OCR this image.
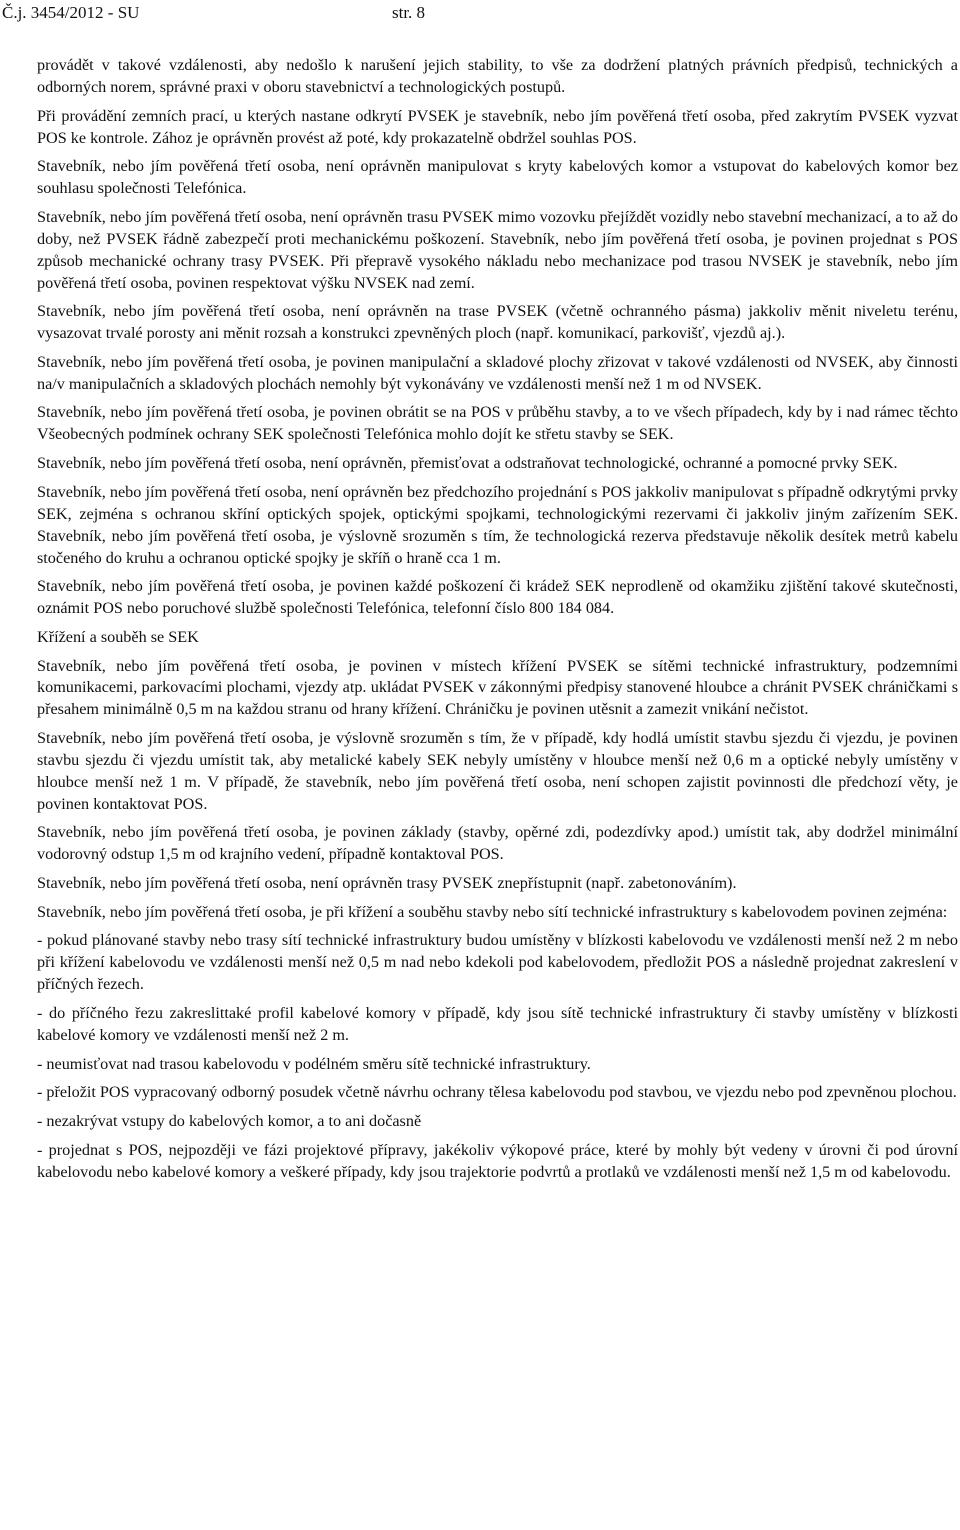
Č.j. 3454/2012 - SU	str. 8

provádět v takové vzdálenosti, aby nedošlo k narušení jejich stability, to vše za dodržení platných právních předpisů, technických a odborných norem, správné praxi v oboru stavebnictví a technologických postupů.

Při provádění zemních prací, u kterých nastane odkrytí PVSEK je stavebník, nebo jím pověřená třetí osoba, před zakrytím PVSEK vyzvat POS ke kontrole. Zához je oprávněn provést až poté, kdy prokazatelně obdržel souhlas POS.

Stavebník, nebo jím pověřená třetí osoba, není oprávněn manipulovat s kryty kabelových komor a vstupovat do kabelových komor bez souhlasu společnosti Telefónica.

Stavebník, nebo jím pověřená třetí osoba, není oprávněn trasu PVSEK mimo vozovku přejíždět vozidly nebo stavební mechanizací, a to až do doby, než PVSEK řádně zabezpečí proti mechanickému poškození. Stavebník, nebo jím pověřená třetí osoba, je povinen projednat s POS způsob mechanické ochrany trasy PVSEK. Při přepravě vysokého nákladu nebo mechanizace pod trasou NVSEK je stavebník, nebo jím pověřená třetí osoba, povinen respektovat výšku NVSEK nad zemí.

Stavebník, nebo jím pověřená třetí osoba, není oprávněn na trase PVSEK (včetně ochranného pásma) jakkoliv měnit niveletu terénu, vysazovat trvalé porosty ani měnit rozsah a konstrukci zpevněných ploch (např. komunikací, parkovišť, vjezdů aj.).

Stavebník, nebo jím pověřená třetí osoba, je povinen manipulační a skladové plochy zřizovat v takové vzdálenosti od NVSEK, aby činnosti na/v manipulačních a skladových plochách nemohly být vykonávány ve vzdálenosti menší než 1 m od NVSEK.

Stavebník, nebo jím pověřená třetí osoba, je povinen obrátit se na POS v průběhu stavby, a to ve všech případech, kdy by i nad rámec těchto Všeobecných podmínek ochrany SEK společnosti Telefónica mohlo dojít ke střetu stavby se SEK.

Stavebník, nebo jím pověřená třetí osoba, není oprávněn, přemisťovat a odstraňovat technologické, ochranné a pomocné prvky SEK.

Stavebník, nebo jím pověřená třetí osoba, není oprávněn bez předchozího projednání s POS jakkoliv manipulovat s případně odkrytými prvky SEK, zejména s ochranou skříní optických spojek, optickými spojkami, technologickými rezervami či jakkoliv jiným zařízením SEK. Stavebník, nebo jím pověřená třetí osoba, je výslovně srozuměn s tím, že technologická rezerva představuje několik desítek metrů kabelu stočeného do kruhu a ochranou optické spojky je skříň o hraně cca 1 m.

Stavebník, nebo jím pověřená třetí osoba, je povinen každé poškození či krádež SEK neprodleně od okamžiku zjištění takové skutečnosti, oznámit POS nebo poruchové službě společnosti Telefónica, telefonní číslo 800 184 084.

Křížení a souběh se SEK

Stavebník, nebo jím pověřená třetí osoba, je povinen v místech křížení PVSEK se sítěmi technické infrastruktury, podzemními komunikacemi, parkovacími plochami, vjezdy atp. ukládat PVSEK v zákonnými předpisy stanovené hloubce a chránit PVSEK chráničkami s přesahem minimálně 0,5 m na každou stranu od hrany křížení. Chráničku je povinen utěsnit a zamezit vnikání nečistot.

Stavebník, nebo jím pověřená třetí osoba, je výslovně srozuměn s tím, že v případě, kdy hodlá umístit stavbu sjezdu či vjezdu, je povinen stavbu sjezdu či vjezdu umístit tak, aby metalické kabely SEK nebyly umístěny v hloubce menší než 0,6 m a optické nebyly umístěny v hloubce menší než 1 m. V případě, že stavebník, nebo jím pověřená třetí osoba, není schopen zajistit povinnosti dle předchozí věty, je povinen kontaktovat POS.

Stavebník, nebo jím pověřená třetí osoba, je povinen základy (stavby, opěrné zdi, podezdívky apod.) umístit tak, aby dodržel minimální vodorovný odstup 1,5 m od krajního vedení, případně kontaktoval POS.

Stavebník, nebo jím pověřená třetí osoba, není oprávněn trasy PVSEK znepřístupnit (např. zabetonováním).

Stavebník, nebo jím pověřená třetí osoba, je při křížení a souběhu stavby nebo sítí technické infrastruktury s kabelovodem povinen zejména:

- pokud plánované stavby nebo trasy sítí technické infrastruktury budou umístěny v blízkosti kabelovodu ve vzdálenosti menší než 2 m nebo při křížení kabelovodu ve vzdálenosti menší než 0,5 m nad nebo kdekoli pod kabelovodem, předložit POS a následně projednat zakreslení v příčných řezech.

- do příčného řezu zakreslittaké profil kabelové komory v případě, kdy jsou sítě technické infrastruktury či stavby umístěny v blízkosti kabelové komory ve vzdálenosti menší než 2 m.

- neumisťovat nad trasou kabelovodu v podélném směru sítě technické infrastruktury.

- přeložit POS vypracovaný odborný posudek včetně návrhu ochrany tělesa kabelovodu pod stavbou, ve vjezdu nebo pod zpevněnou plochou.

- nezakrývat vstupy do kabelových komor, a to ani dočasně

- projednat s POS, nejpozději ve fázi projektové přípravy, jakékoliv výkopové práce, které by mohly být vedeny v úrovni či pod úrovní kabelovodu nebo kabelové komory a veškeré případy, kdy jsou trajektorie podvrtů a protlaků ve vzdálenosti menší než 1,5 m od kabelovodu.
